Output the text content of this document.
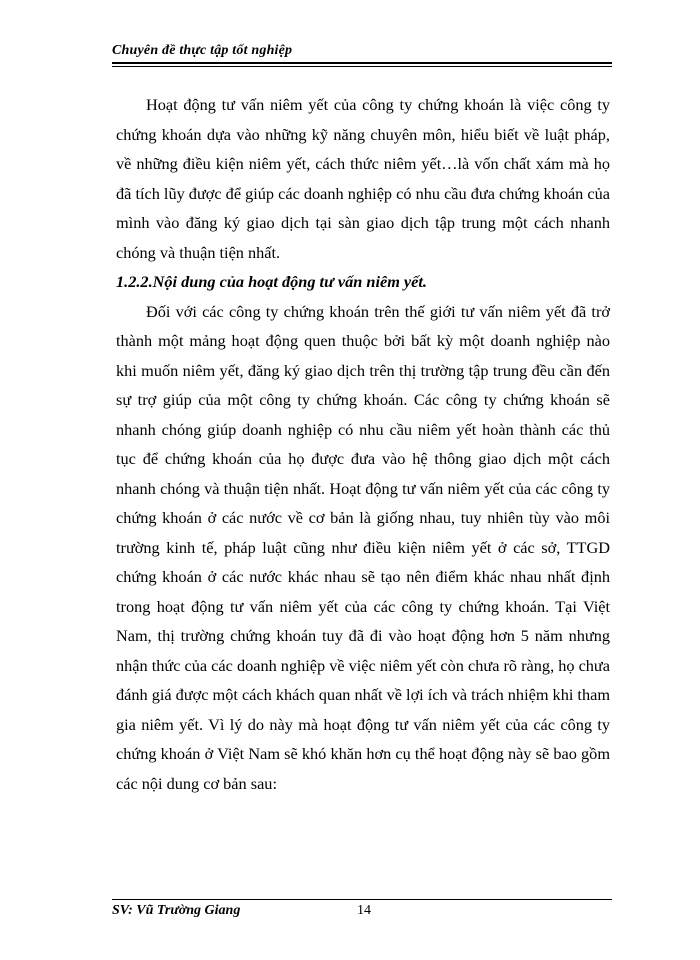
Chuyên đề thực tập tốt nghiệp

Hoạt động tư vấn niêm yết của công ty chứng khoán là việc công ty chứng khoán dựa vào những kỹ năng chuyên môn, hiểu biết về luật pháp, về những điều kiện niêm yết, cách thức niêm yết…là vốn chất xám mà họ đã tích lũy được để giúp các doanh nghiệp có nhu cầu đưa chứng khoán của mình vào đăng ký giao dịch tại sàn giao dịch tập trung một cách nhanh chóng và thuận tiện nhất.

1.2.2.Nội dung của hoạt động tư vấn niêm yết.

Đối với các công ty chứng khoán trên thế giới tư vấn niêm yết đã trở thành một mảng hoạt động quen thuộc bởi bất kỳ một doanh nghiệp nào khi muốn niêm yết, đăng ký giao dịch trên thị trường tập trung đều cần đến sự trợ giúp của một công ty chứng khoán. Các công ty chứng khoán sẽ nhanh chóng giúp doanh nghiệp có nhu cầu niêm yết hoàn thành các thủ tục để chứng khoán của họ được đưa vào hệ thông giao dịch một cách nhanh chóng và thuận tiện nhất. Hoạt động tư vấn niêm yết của các công ty chứng khoán ở các nước về cơ bản là giống nhau, tuy nhiên tùy vào môi trường kinh tế, pháp luật cũng như điều kiện niêm yết ở các sở, TTGD chứng khoán ở các nước khác nhau sẽ tạo nên điểm khác nhau nhất định trong hoạt động tư vấn niêm yết của các công ty chứng khoán. Tại Việt Nam, thị trường chứng khoán tuy đã đi vào hoạt động hơn 5 năm nhưng nhận thức của các doanh nghiệp về việc niêm yết còn chưa rõ ràng, họ chưa đánh giá được một cách khách quan nhất về lợi ích và trách nhiệm khi tham gia niêm yết. Vì lý do này mà hoạt động tư vấn niêm yết của các công ty chứng khoán ở Việt Nam sẽ khó khăn hơn cụ thể hoạt động này sẽ bao gồm các nội dung cơ bản sau:

SV: Vũ Trường Giang	14
